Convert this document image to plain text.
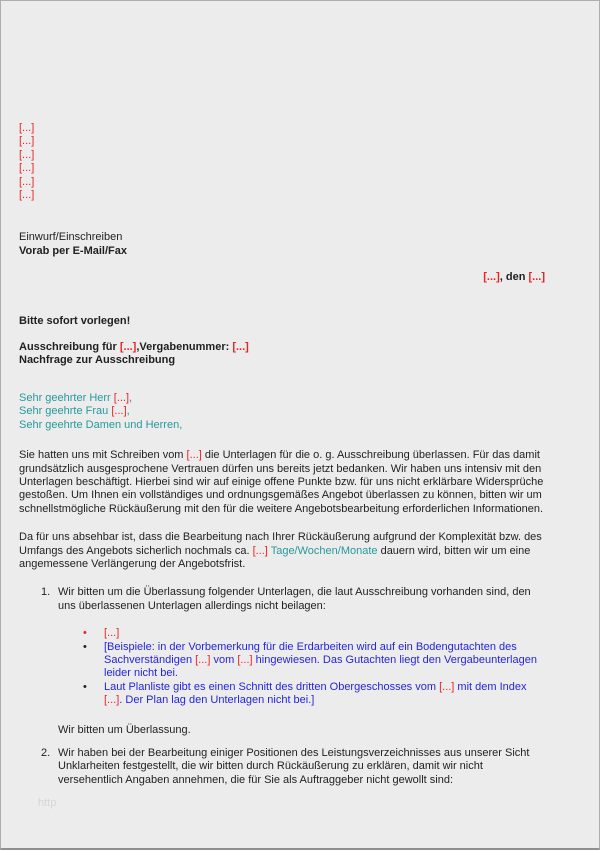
[...]
[...]
[...]
[...]
[...]
[...]
Einwurf/Einschreiben
Vorab per E-Mail/Fax
[...], den [...]
Bitte sofort vorlegen!
Ausschreibung für [...],Vergabenummer: [...]
Nachfrage zur Ausschreibung
Sehr geehrter Herr [...],
Sehr geehrte Frau [...],
Sehr geehrte Damen und Herren,
Sie hatten uns mit Schreiben vom [...] die Unterlagen für die o. g. Ausschreibung überlassen. Für das damit grundsätzlich ausgesprochene Vertrauen dürfen uns bereits jetzt bedanken. Wir haben uns intensiv mit den Unterlagen beschäftigt. Hierbei sind wir auf einige offene Punkte bzw. für uns nicht erklärbare Widersprüche gestoßen. Um Ihnen ein vollständiges und ordnungsgemäßes Angebot überlassen zu können, bitten wir um schnellstmögliche Rückäußerung mit den für die weitere Angebotsbearbeitung erforderlichen Informationen.
Da für uns absehbar ist, dass die Bearbeitung nach Ihrer Rückäußerung aufgrund der Komplexität bzw. des Umfangs des Angebots sicherlich nochmals ca. [...] Tage/Wochen/Monate dauern wird, bitten wir um eine angemessene Verlängerung der Angebotsfrist.
1. Wir bitten um die Überlassung folgender Unterlagen, die laut Ausschreibung vorhanden sind, den uns überlassenen Unterlagen allerdings nicht beilagen:
•	[...]
•	[Beispiele: in der Vorbemerkung für die Erdarbeiten wird auf ein Bodengutachten des Sachverständigen [...] vom [...] hingewiesen. Das Gutachten liegt den Vergabeunterlagen leider nicht bei.
•	Laut Planliste gibt es einen Schnitt des dritten Obergeschosses vom [...] mit dem Index [...]. Der Plan lag den Unterlagen nicht bei.]
Wir bitten um Überlassung.
2. Wir haben bei der Bearbeitung einiger Positionen des Leistungsverzeichnisses aus unserer Sicht Unklarheiten festgestellt, die wir bitten durch Rückäußerung zu erklären, damit wir nicht versehentlich Angaben annehmen, die für Sie als Auftraggeber nicht gewollt sind:
http
